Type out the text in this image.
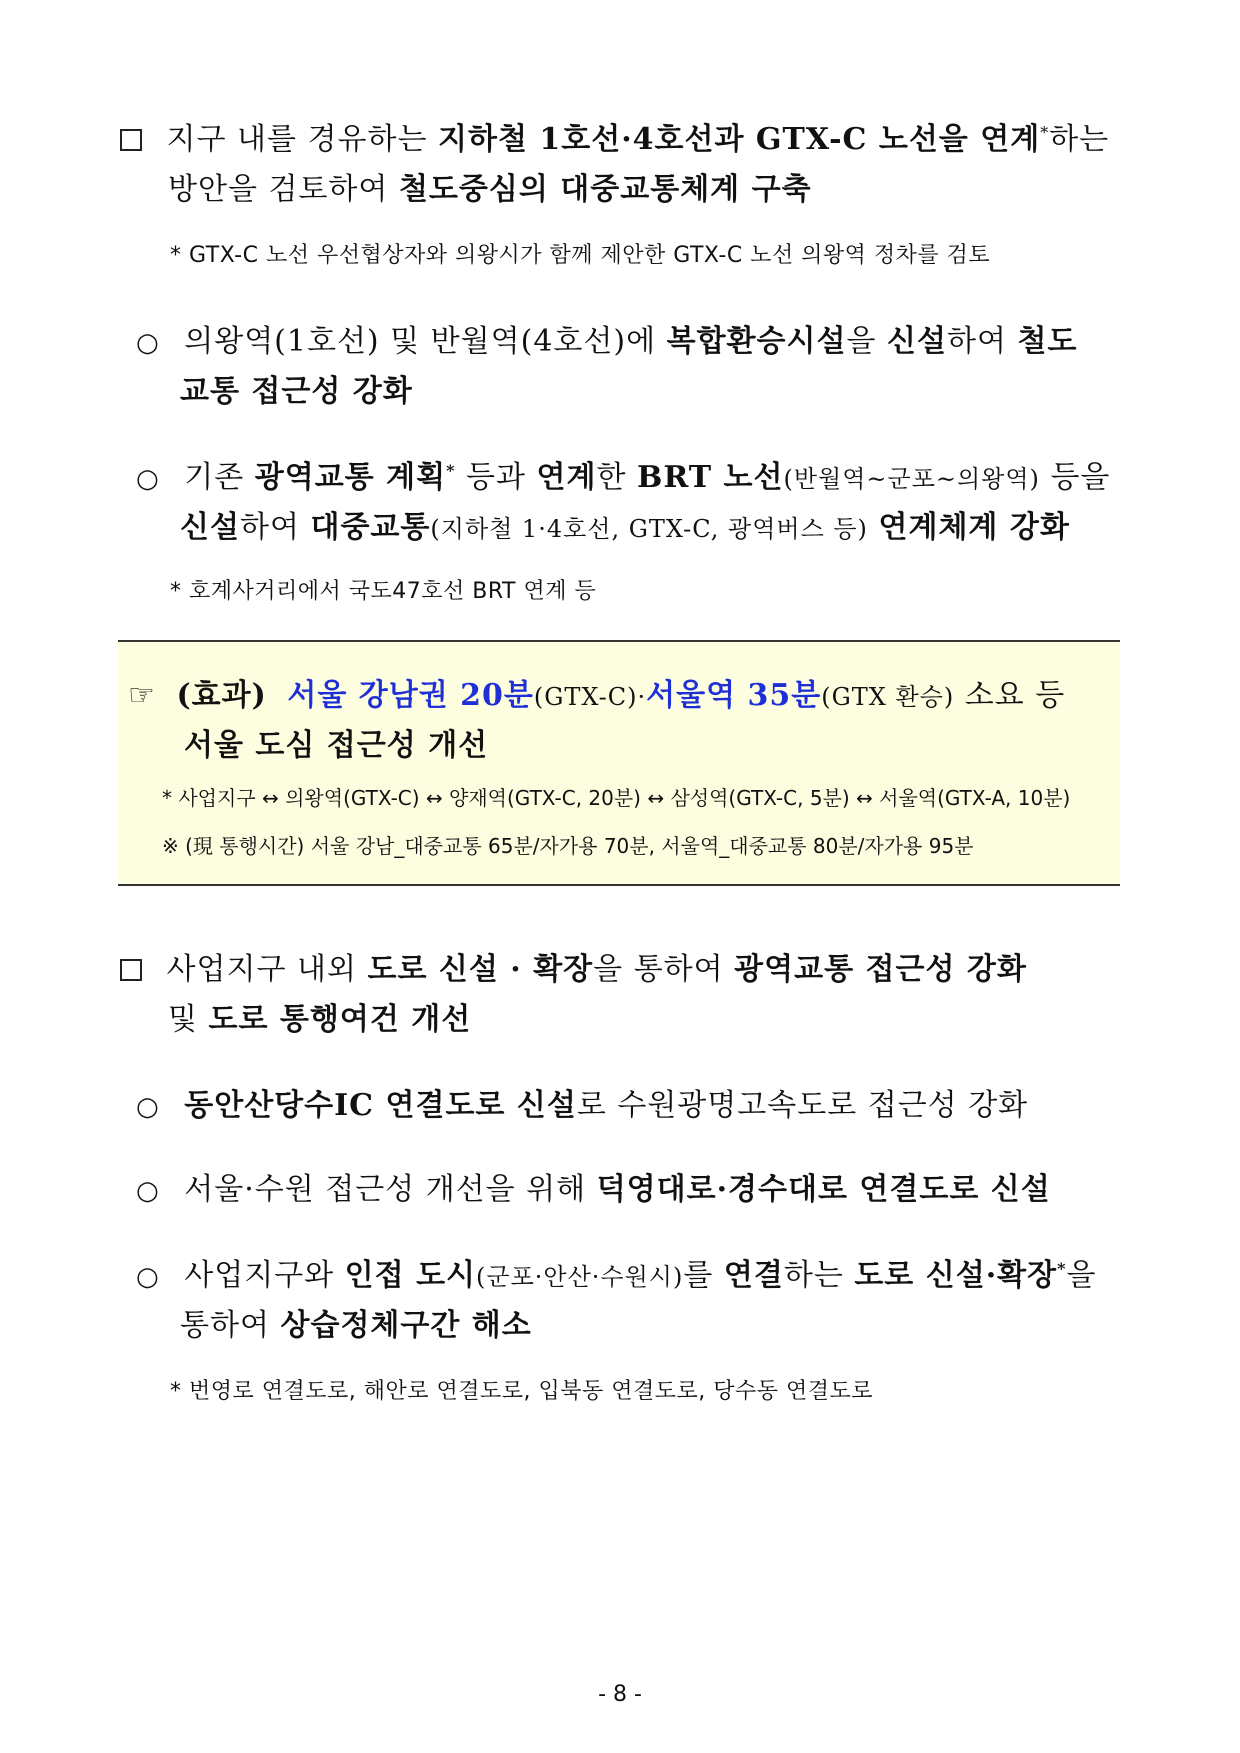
지구 내를 경유하는 지하철 1호선·4호선과 GTX-C 노선을 연계*하는
방안을 검토하여 철도중심의 대중교통체계 구축
* GTX-C 노선 우선협상자와 의왕시가 함께 제안한 GTX-C 노선 의왕역 정차를 검토
○ 의왕역(1호선) 및 반월역(4호선)에 복합환승시설을 신설하여 철도
교통 접근성 강화
○ 기존 광역교통 계획* 등과 연계한 BRT 노선(반월역~군포~의왕역) 등을
신설하여 대중교통(지하철 1·4호선, GTX-C, 광역버스 등) 연계체계 강화
* 호계사거리에서 국도47호선 BRT 연계 등
☞ (효과) 서울 강남권 20분(GTX-C)·서울역 35분(GTX 환승) 소요 등
서울 도심 접근성 개선
* 사업지구 ↔ 의왕역(GTX-C) ↔ 양재역(GTX-C, 20분) ↔ 삼성역(GTX-C, 5분) ↔ 서울역(GTX-A, 10분)
※ (現 통행시간) 서울 강남_대중교통 65분/자가용 70분, 서울역_대중교통 80분/자가용 95분
사업지구 내외 도로 신설 · 확장을 통하여 광역교통 접근성 강화
및 도로 통행여건 개선
○ 동안산당수IC 연결도로 신설로 수원광명고속도로 접근성 강화
○ 서울·수원 접근성 개선을 위해 덕영대로·경수대로 연결도로 신설
○ 사업지구와 인접 도시(군포·안산·수원시)를 연결하는 도로 신설·확장*을
통하여 상습정체구간 해소
* 번영로 연결도로, 해안로 연결도로, 입북동 연결도로, 당수동 연결도로
- 8 -
